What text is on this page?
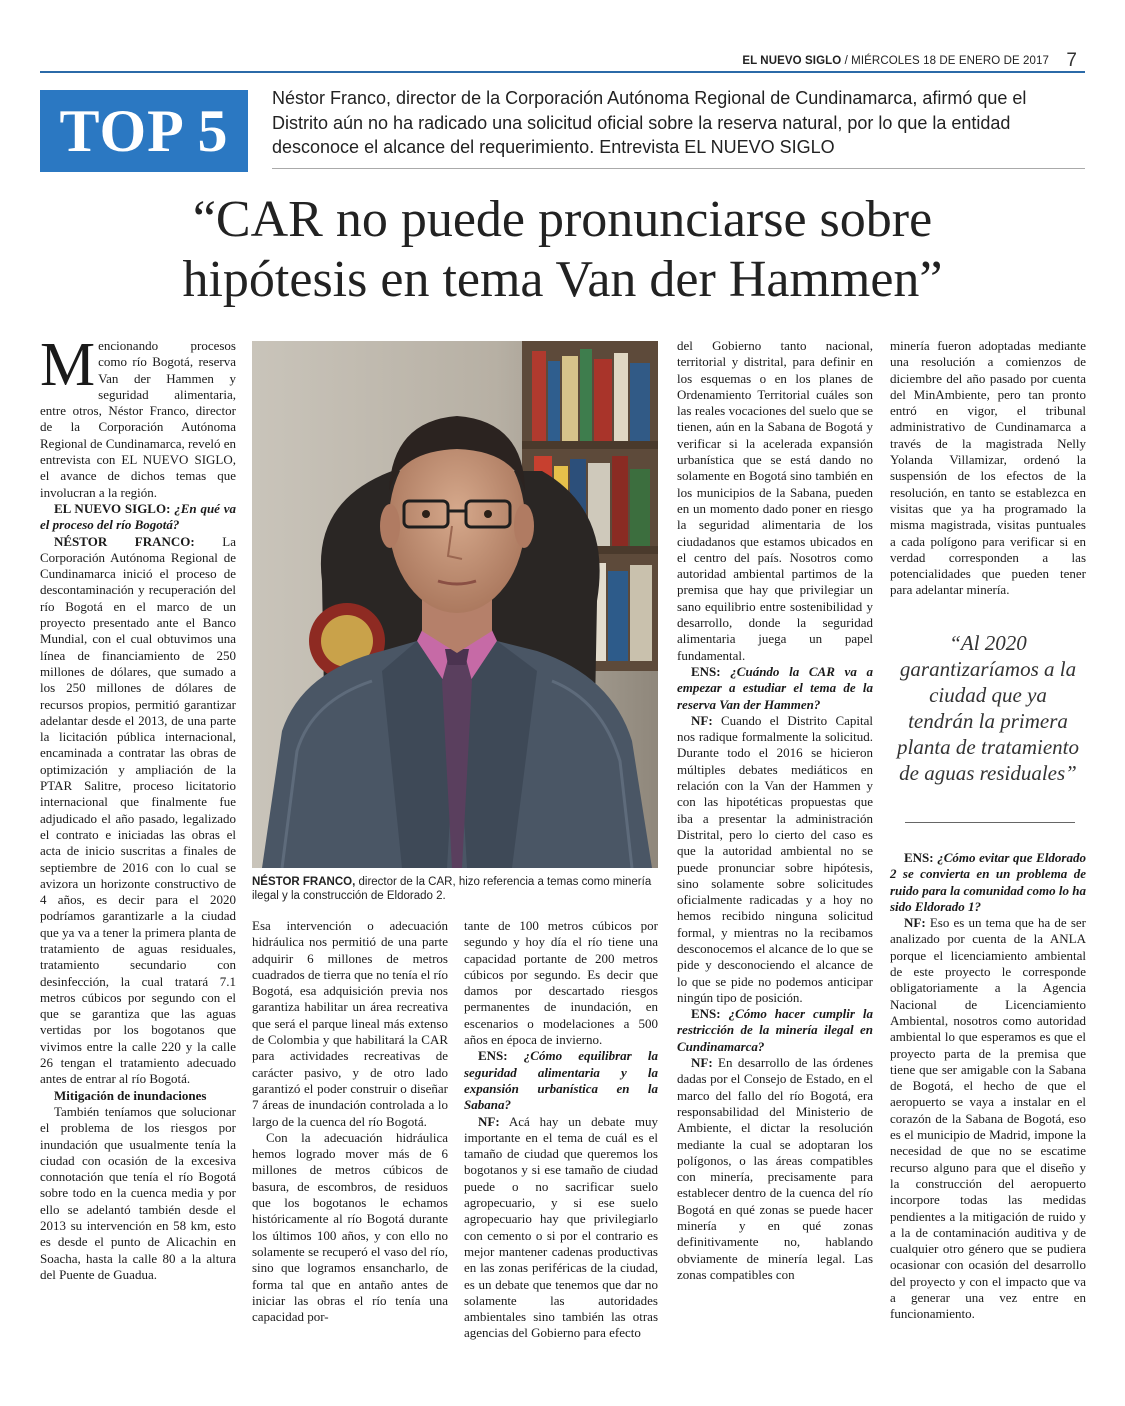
EL NUEVO SIGLO / MIÉRCOLES 18 DE ENERO DE 2017 7
TOP 5	Néstor Franco, director de la Corporación Autónoma Regional de Cundinamarca, afirmó que el Distrito aún no ha radicado una solicitud oficial sobre la reserva natural, por lo que la entidad desconoce el alcance del requerimiento. Entrevista EL NUEVO SIGLO
“CAR no puede pronunciarse sobre
hipótesis en tema Van der Hammen”

Mencionando procesos como río Bogotá, reserva Van der Hammen y seguridad alimentaria, entre otros, Néstor Franco, director de la Corporación Autónoma Regional de Cundinamarca, reveló en entrevista con EL NUEVO SIGLO, el avance de dichos temas que involucran a la región.

EL NUEVO SIGLO: ¿En qué va el proceso del río Bogotá?

NÉSTOR FRANCO: La Corporación Autónoma Regional de Cundinamarca inició el proceso de descontaminación y recuperación del río Bogotá en el marco de un proyecto presentado ante el Banco Mundial, con el cual obtuvimos una línea de financiamiento de 250 millones de dólares, que sumado a los 250 millones de dólares de recursos propios, permitió garantizar adelantar desde el 2013, de una parte la licitación pública internacional, encaminada a contratar las obras de optimización y ampliación de la PTAR Salitre, proceso licitatorio internacional que finalmente fue adjudicado el año pasado, legalizado el contrato e iniciadas las obras el acta de inicio suscritas a finales de septiembre de 2016 con lo cual se avizora un horizonte constructivo de 4 años, es decir para el 2020 podríamos garantizarle a la ciudad que ya va a tener la primera planta de tratamiento de aguas residuales, tratamiento secundario con desinfección, la cual tratará 7.1 metros cúbicos por segundo con el que se garantiza que las aguas vertidas por los bogotanos que vivimos entre la calle 220 y la calle 26 tengan el tratamiento adecuado antes de entrar al río Bogotá.

Mitigación de inundaciones

También teníamos que solucionar el problema de los riesgos por inundación que usualmente tenía la ciudad con ocasión de la excesiva connotación que tenía el río Bogotá sobre todo en la cuenca media y por ello se adelantó también desde el 2013 su intervención en 58 km, esto es desde el punto de Alicachin en Soacha, hasta la calle 80 a la altura del Puente de Guadua.

NÉSTOR FRANCO, director de la CAR, hizo referencia a temas como minería ilegal y la construcción de Eldorado 2.

Esa intervención o adecuación hidráulica nos permitió de una parte adquirir 6 millones de metros cuadrados de tierra que no tenía el río Bogotá, esa adquisición previa nos garantiza habilitar un área recreativa que será el parque lineal más extenso de Colombia y que habilitará la CAR para actividades recreativas de carácter pasivo, y de otro lado garantizó el poder construir o diseñar 7 áreas de inundación controlada a lo largo de la cuenca del río Bogotá.

Con la adecuación hidráulica hemos logrado mover más de 6 millones de metros cúbicos de basura, de escombros, de residuos que los bogotanos le echamos históricamente al río Bogotá durante los últimos 100 años, y con ello no solamente se recuperó el vaso del río, sino que logramos ensancharlo, de forma tal que en antaño antes de iniciar las obras el río tenía una capacidad por-

tante de 100 metros cúbicos por segundo y hoy día el río tiene una capacidad portante de 200 metros cúbicos por segundo. Es decir que damos por descartado riesgos permanentes de inundación, en escenarios o modelaciones a 500 años en época de invierno.

ENS: ¿Cómo equilibrar la seguridad alimentaria y la expansión urbanística en la Sabana?

NF: Acá hay un debate muy importante en el tema de cuál es el tamaño de ciudad que queremos los bogotanos y si ese tamaño de ciudad puede o no sacrificar suelo agropecuario, y si ese suelo agropecuario hay que privilegiarlo con cemento o si por el contrario es mejor mantener cadenas productivas en las zonas periféricas de la ciudad, es un debate que tenemos que dar no solamente las autoridades ambientales sino también las otras agencias del Gobierno para efecto

del Gobierno tanto nacional, territorial y distrital, para definir en los esquemas o en los planes de Ordenamiento Territorial cuáles son las reales vocaciones del suelo que se tienen, aún en la Sabana de Bogotá y verificar si la acelerada expansión urbanística que se está dando no solamente en Bogotá sino también en los municipios de la Sabana, pueden en un momento dado poner en riesgo la seguridad alimentaria de los ciudadanos que estamos ubicados en el centro del país. Nosotros como autoridad ambiental partimos de la premisa que hay que privilegiar un sano equilibrio entre sostenibilidad y desarrollo, donde la seguridad alimentaria juega un papel fundamental.

ENS: ¿Cuándo la CAR va a empezar a estudiar el tema de la reserva Van der Hammen?

NF: Cuando el Distrito Capital nos radique formalmente la solicitud. Durante todo el 2016 se hicieron múltiples debates mediáticos en relación con la Van der Hammen y con las hipotéticas propuestas que iba a presentar la administración Distrital, pero lo cierto del caso es que la autoridad ambiental no se puede pronunciar sobre hipótesis, sino solamente sobre solicitudes oficialmente radicadas y a hoy no hemos recibido ninguna solicitud formal, y mientras no la recibamos desconocemos el alcance de lo que se pide y desconociendo el alcance de lo que se pide no podemos anticipar ningún tipo de posición.

ENS: ¿Cómo hacer cumplir la restricción de la minería ilegal en Cundinamarca?

NF: En desarrollo de las órdenes dadas por el Consejo de Estado, en el marco del fallo del río Bogotá, era responsabilidad del Ministerio de Ambiente, el dictar la resolución mediante la cual se adoptaran los polígonos, o las áreas compatibles con minería, precisamente para establecer dentro de la cuenca del río Bogotá en qué zonas se puede hacer minería y en qué zonas definitivamente no, hablando obviamente de minería legal. Las zonas compatibles con

minería fueron adoptadas mediante una resolución a comienzos de diciembre del año pasado por cuenta del MinAmbiente, pero tan pronto entró en vigor, el tribunal administrativo de Cundinamarca a través de la magistrada Nelly Yolanda Villamizar, ordenó la suspensión de los efectos de la resolución, en tanto se establezca en visitas que ya ha programado la misma magistrada, visitas puntuales a cada polígono para verificar si en verdad corresponden a las potencialidades que pueden tener para adelantar minería.

“Al 2020 garantizaríamos a la ciudad que ya tendrán la primera planta de tratamiento de aguas residuales”

ENS: ¿Cómo evitar que Eldorado 2 se convierta en un problema de ruido para la comunidad como lo ha sido Eldorado 1?

NF: Eso es un tema que ha de ser analizado por cuenta de la ANLA porque el licenciamiento ambiental de este proyecto le corresponde obligatoriamente a la Agencia Nacional de Licenciamiento Ambiental, nosotros como autoridad ambiental lo que esperamos es que el proyecto parta de la premisa que tiene que ser amigable con la Sabana de Bogotá, el hecho de que el aeropuerto se vaya a instalar en el corazón de la Sabana de Bogotá, eso es el municipio de Madrid, impone la necesidad de que no se escatime recurso alguno para que el diseño y la construcción del aeropuerto incorpore todas las medidas pendientes a la mitigación de ruido y a la de contaminación auditiva y de cualquier otro género que se pudiera ocasionar con ocasión del desarrollo del proyecto y con el impacto que va a generar una vez entre en funcionamiento.
